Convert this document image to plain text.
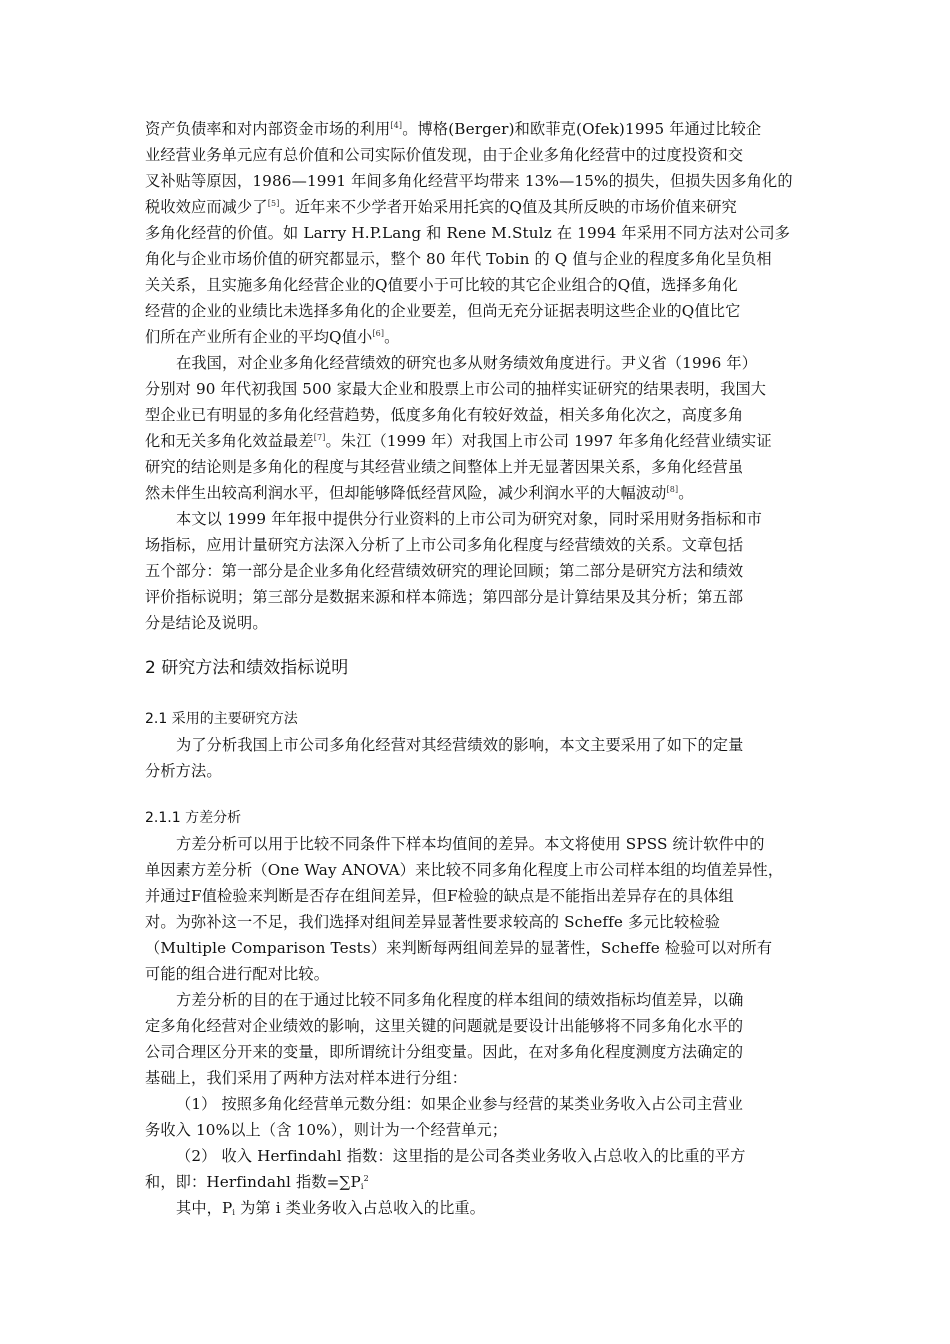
资产负债率和对内部资金市场的利用[4]。博格(Berger)和欧菲克(Ofek)1995 年通过比较企
业经营业务单元应有总价值和公司实际价值发现，由于企业多角化经营中的过度投资和交
叉补贴等原因，1986—1991 年间多角化经营平均带来 13%—15%的损失，但损失因多角化的
税收效应而减少了[5]。近年来不少学者开始采用托宾的Q值及其所反映的市场价值来研究
多角化经营的价值。如 Larry H.P.Lang 和 Rene M.Stulz 在 1994 年采用不同方法对公司多
角化与企业市场价值的研究都显示，整个 80 年代 Tobin 的 Q 值与企业的程度多角化呈负相
关关系，且实施多角化经营企业的Q值要小于可比较的其它企业组合的Q值，选择多角化
经营的企业的业绩比未选择多角化的企业要差，但尚无充分证据表明这些企业的Q值比它
们所在产业所有企业的平均Q值小[6]。
在我国，对企业多角化经营绩效的研究也多从财务绩效角度进行。尹义省（1996 年）
分别对 90 年代初我国 500 家最大企业和股票上市公司的抽样实证研究的结果表明，我国大
型企业已有明显的多角化经营趋势，低度多角化有较好效益，相关多角化次之，高度多角
化和无关多角化效益最差[7]。朱江（1999 年）对我国上市公司 1997 年多角化经营业绩实证
研究的结论则是多角化的程度与其经营业绩之间整体上并无显著因果关系，多角化经营虽
然未伴生出较高利润水平，但却能够降低经营风险，减少利润水平的大幅波动[8]。
本文以 1999 年年报中提供分行业资料的上市公司为研究对象，同时采用财务指标和市
场指标，应用计量研究方法深入分析了上市公司多角化程度与经营绩效的关系。文章包括
五个部分：第一部分是企业多角化经营绩效研究的理论回顾；第二部分是研究方法和绩效
评价指标说明；第三部分是数据来源和样本筛选；第四部分是计算结果及其分析；第五部
分是结论及说明。
2 研究方法和绩效指标说明
2.1 采用的主要研究方法
为了分析我国上市公司多角化经营对其经营绩效的影响，本文主要采用了如下的定量
分析方法。
2.1.1 方差分析
方差分析可以用于比较不同条件下样本均值间的差异。本文将使用 SPSS 统计软件中的
单因素方差分析（One Way ANOVA）来比较不同多角化程度上市公司样本组的均值差异性，
并通过F值检验来判断是否存在组间差异，但F检验的缺点是不能指出差异存在的具体组
对。为弥补这一不足，我们选择对组间差异显著性要求较高的 Scheffe 多元比较检验
（Multiple Comparison Tests）来判断每两组间差异的显著性，Scheffe 检验可以对所有
可能的组合进行配对比较。
方差分析的目的在于通过比较不同多角化程度的样本组间的绩效指标均值差异，以确
定多角化经营对企业绩效的影响，这里关键的问题就是要设计出能够将不同多角化水平的
公司合理区分开来的变量，即所谓统计分组变量。因此，在对多角化程度测度方法确定的
基础上，我们采用了两种方法对样本进行分组：
（1） 按照多角化经营单元数分组：如果企业参与经营的某类业务收入占公司主营业
务收入 10%以上（含 10%），则计为一个经营单元；
（2） 收入 Herfindahl 指数：这里指的是公司各类业务收入占总收入的比重的平方
和，即：Herfindahl 指数$=\sum P_i^2$
其中，$P_i$ 为第 i 类业务收入占总收入的比重。
